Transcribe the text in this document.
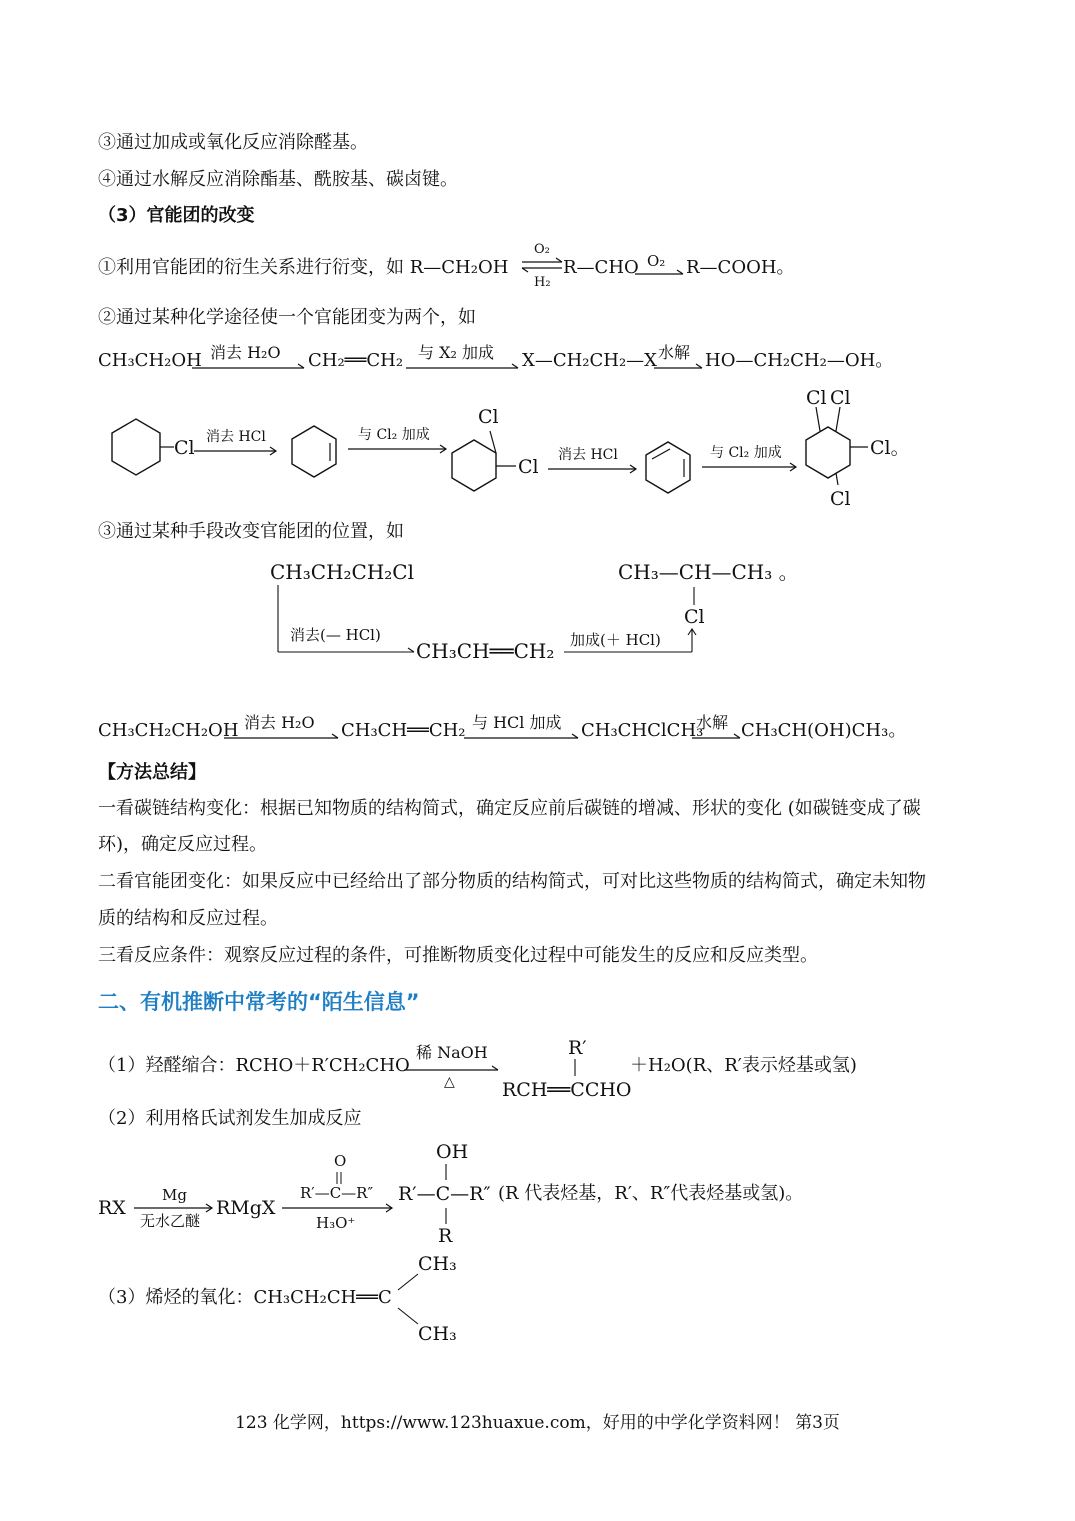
③通过加成或氧化反应消除醛基。
④通过水解反应消除酯基、酰胺基、碳卤键。
（3）官能团的改变
①利用官能团的衍生关系进行衍变，如 R—CH₂OH
O₂
H₂
R—CHO O₂ R—COOH。
②通过某种化学途径使一个官能团变为两个，如
CH₃CH₂OH 消去 H₂O CH₂══CH₂ 与 X₂ 加成 X—CH₂CH₂—X 水解 HO—CH₂CH₂—OH。
Cl 消去 HCl	与 Cl₂ 加成
Cl
Cl
消去 HCl	与 Cl₂ 加成
Cl Cl
Cl。
Cl
③通过某种手段改变官能团的位置，如
CH₃CH₂CH₂Cl	CH₃—CH—CH₃ 。
Cl
消去(— HCl)
CH₃CH══CH₂ 加成(＋ HCl)
CH₃CH₂CH₂OH 消去 H₂O CH₃CH══CH₂ 与 HCl 加成 CH₃CHClCH₃
水解 CH₃CH(OH)CH₃。
【方法总结】
一看碳链结构变化：根据已知物质的结构简式，确定反应前后碳链的增减、形状的变化 (如碳链变成了碳
环)，确定反应过程。
二看官能团变化：如果反应中已经给出了部分物质的结构简式，可对比这些物质的结构简式，确定未知物
质的结构和反应过程。
三看反应条件：观察反应过程的条件，可推断物质变化过程中可能发生的反应和反应类型。
二、有机推断中常考的“陌生信息”
（1）羟醛缩合：RCHO＋R′CH₂CHO
稀 NaOH
△
R′
RCH══CCHO
＋H₂O(R、R′表示烃基或氢)
（2）利用格氏试剂发生加成反应
RX
Mg
无水乙醚
RMgX
O
R′—C—R″
H₃O⁺
OH
R′—C—R″
R
(R 代表烃基，R′、R″代表烃基或氢)。
（3）烯烃的氧化：CH₃CH₂CH══C
CH₃
CH₃
123 化学网，https://www.123huaxue.com，好用的中学化学资料网！ 第3页
